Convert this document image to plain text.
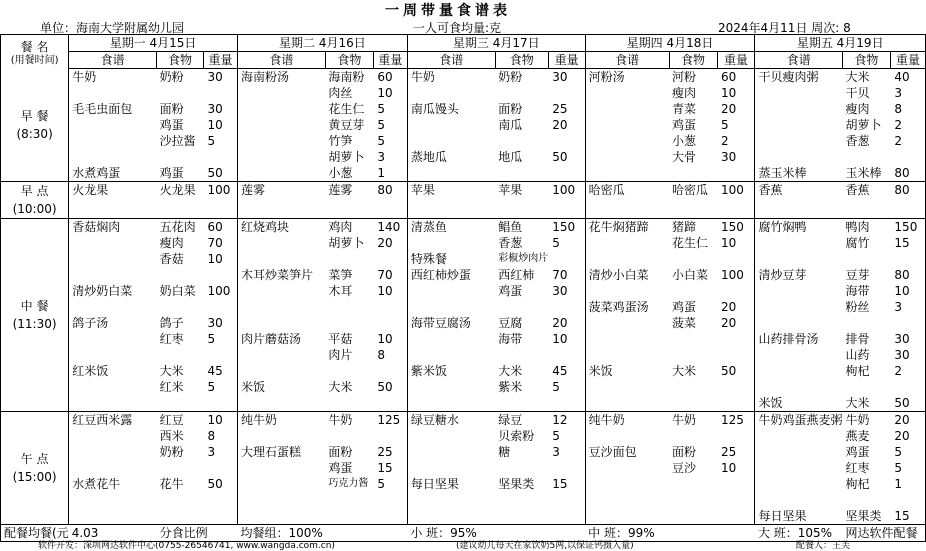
一周带量食谱表
单位：海南大学附属幼儿园	一人可食均量:克	2024年4月11日 周次: 8
餐 名
(用餐时间)	星期一 4月15日			星期二 4月16日			星期三 4月17日			星期四 4月18日			星期五 4月19日		
	食谱	食物	重量	食谱	食物	重量	食谱	食物	重量	食谱	食物	重量	食谱	食物	重量

早 餐
(8:30)	牛奶	奶粉	30	海南粉汤	海南粉	60	牛奶	奶粉	30	河粉汤	河粉	60	干贝瘦肉粥	大米	40
					肉丝	10					瘦肉	10		干贝	3
	毛毛虫面包	面粉	30		花生仁	5	南瓜馒头	面粉	25		青菜	20		瘦肉	8
		鸡蛋	10		黄豆芽	5		南瓜	20		鸡蛋	5		胡萝卜	2
		沙拉酱	5		竹笋	5					小葱	2		香葱	2
					胡萝卜	3	蒸地瓜	地瓜	50		大骨	30			
	水煮鸡蛋	鸡蛋	50		小葱	1							蒸玉米棒	玉米棒	80

早 点
(10:00)	火龙果	火龙果	100	莲雾	莲雾	80	苹果	苹果	100	哈密瓜	哈密瓜	100	香蕉	香蕉	80

中 餐
(11:30)	香菇焖肉	五花肉	60	红烧鸡块	鸡肉	140	清蒸鱼	鲳鱼	150	花牛焖猪蹄	猪蹄	150	腐竹焖鸭	鸭肉	150
		瘦肉	70		胡萝卜	20		香葱	5		花生仁	10		腐竹	15
		香菇	10				特殊餐	彩椒炒肉片							
				木耳炒菜笋片	菜笋	70	西红柿炒蛋	西红柿	70	清炒小白菜	小白菜	100	清炒豆芽	豆芽	80
	清炒奶白菜	奶白菜	100		木耳	10		鸡蛋	30					海带	10
										菠菜鸡蛋汤	鸡蛋	20		粉丝	3
	鸽子汤	鸽子	30				海带豆腐汤	豆腐	20		菠菜	20			
		红枣	5	肉片蘑菇汤	平菇	10		海带	10				山药排骨汤	排骨	30
					肉片	8								山药	30
	红米饭	大米	45				紫米饭	大米	45	米饭	大米	50		枸杞	2
		红米	5	米饭	大米	50		紫米	5						
													米饭	大米	50

午 点
(15:00)	红豆西米露	红豆	10	纯牛奶	牛奶	125	绿豆糖水	绿豆	12	纯牛奶	牛奶	125	牛奶鸡蛋燕麦粥	牛奶	20
		西米	8					贝索粉	5					燕麦	20
		奶粉	3	大理石蛋糕	面粉	25		糖	3	豆沙面包	面粉	25		鸡蛋	5
					鸡蛋	15					豆沙	10		红枣	5
	水煮花牛	花牛	50		巧克力酱	5	每日坚果	坚果类	15					枸杞	1

													每日坚果	坚果类	15
配餐均餐(元	4.03	分食比例		均餐组：100%			小 班：95%			中 班：99%			大 班：105%	网达软件配餐	
软件开发：深圳网达软件中心(0755-26546741, www.wangda.com.cn)	(建议幼儿每天在家饮奶5两,以保证钙摄入量)	配餐人：王芙
